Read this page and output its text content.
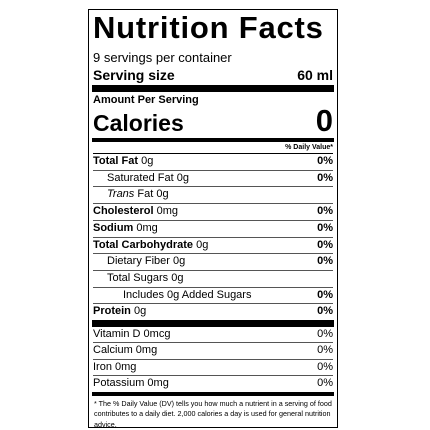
Nutrition Facts
9 servings per container
Serving size	60 ml
Amount Per Serving
Calories	0
% Daily Value*
Total Fat 0g	0%
Saturated Fat 0g	0%
Trans Fat 0g
Cholesterol 0mg	0%
Sodium 0mg	0%
Total Carbohydrate 0g	0%
Dietary Fiber 0g	0%
Total Sugars 0g
Includes 0g Added Sugars	0%
Protein 0g	0%
Vitamin D 0mcg	0%
Calcium 0mg	0%
Iron 0mg	0%
Potassium 0mg	0%
* The % Daily Value (DV) tells you how much a nutrient in a serving of food contributes to a daily diet. 2,000 calories a day is used for general nutrition advice.
